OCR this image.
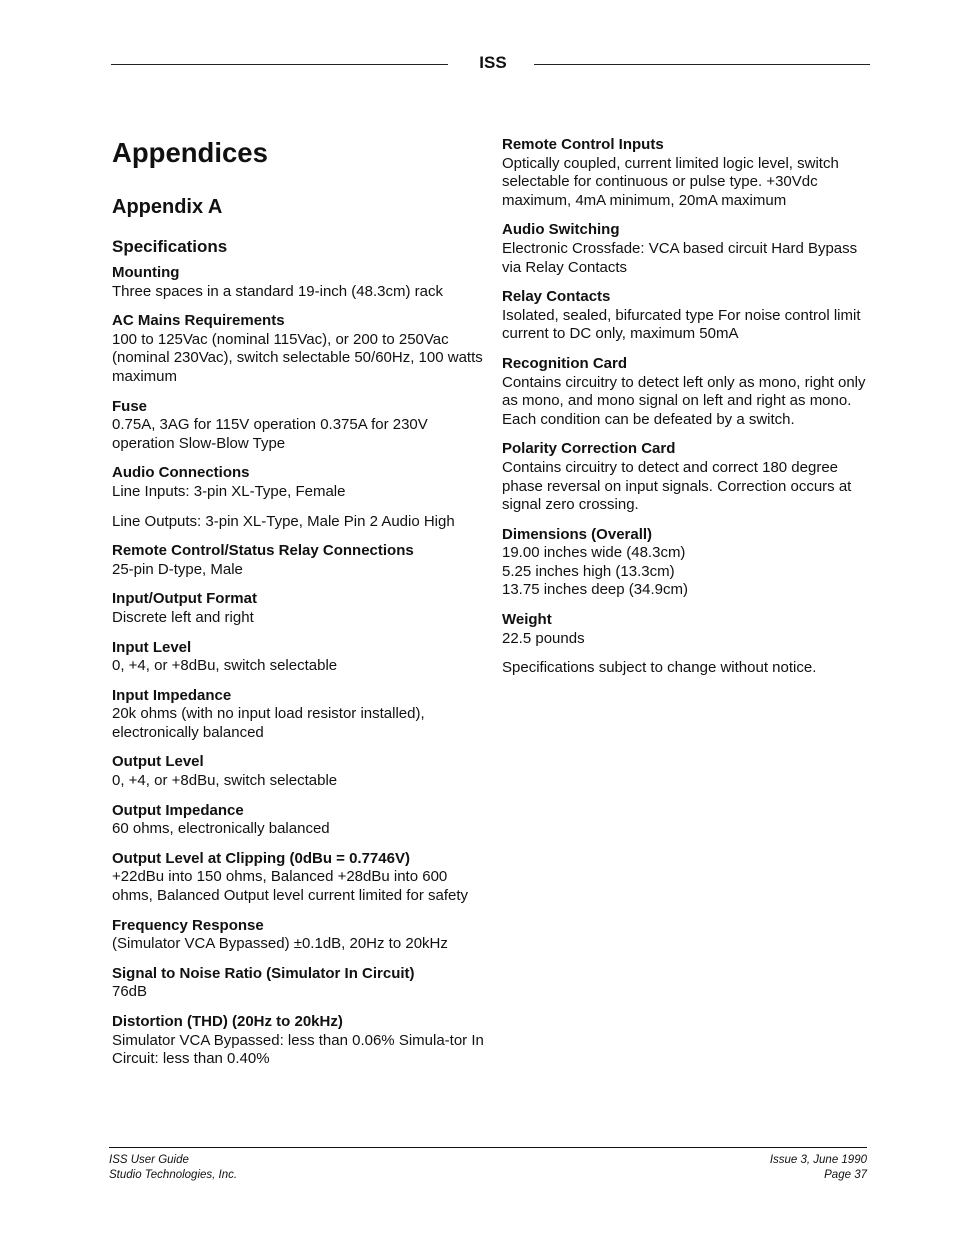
ISS
Appendices
Appendix A
Specifications
Mounting
Three spaces in a standard 19-inch (48.3cm) rack
AC Mains Requirements
100 to 125Vac (nominal 115Vac), or 200 to 250Vac (nominal 230Vac), switch selectable 50/60Hz, 100 watts maximum
Fuse
0.75A, 3AG for 115V operation 0.375A for 230V operation Slow-Blow Type
Audio Connections
Line Inputs: 3-pin XL-Type, Female
Line Outputs: 3-pin XL-Type, Male Pin 2 Audio High
Remote Control/Status Relay Connections
25-pin D-type, Male
Input/Output Format
Discrete left and right
Input Level
0, +4, or +8dBu, switch selectable
Input Impedance
20k ohms (with no input load resistor installed), electronically balanced
Output Level
0, +4, or +8dBu, switch selectable
Output Impedance
60 ohms, electronically balanced
Output Level at Clipping (0dBu = 0.7746V)
+22dBu into 150 ohms, Balanced +28dBu into 600 ohms, Balanced Output level current limited for safety
Frequency Response
(Simulator VCA Bypassed) ±0.1dB, 20Hz to 20kHz
Signal to Noise Ratio (Simulator In Circuit)
76dB
Distortion (THD) (20Hz to 20kHz)
Simulator VCA Bypassed: less than 0.06% Simula-tor In Circuit: less than 0.40%
Remote Control Inputs
Optically coupled, current limited logic level, switch selectable for continuous or pulse type. +30Vdc maximum, 4mA minimum, 20mA maximum
Audio Switching
Electronic Crossfade: VCA based circuit Hard Bypass via Relay Contacts
Relay Contacts
Isolated, sealed, bifurcated type For noise control limit current to DC only, maximum 50mA
Recognition Card
Contains circuitry to detect left only as mono, right only as mono, and mono signal on left and right as mono. Each condition can be defeated by a switch.
Polarity Correction Card
Contains circuitry to detect and correct 180 degree phase reversal on input signals. Correction occurs at signal zero crossing.
Dimensions (Overall)
19.00 inches wide (48.3cm)
5.25 inches high (13.3cm)
13.75 inches deep (34.9cm)
Weight
22.5 pounds
Specifications subject to change without notice.
ISS User Guide
Studio Technologies, Inc.
Issue 3, June 1990
Page 37
